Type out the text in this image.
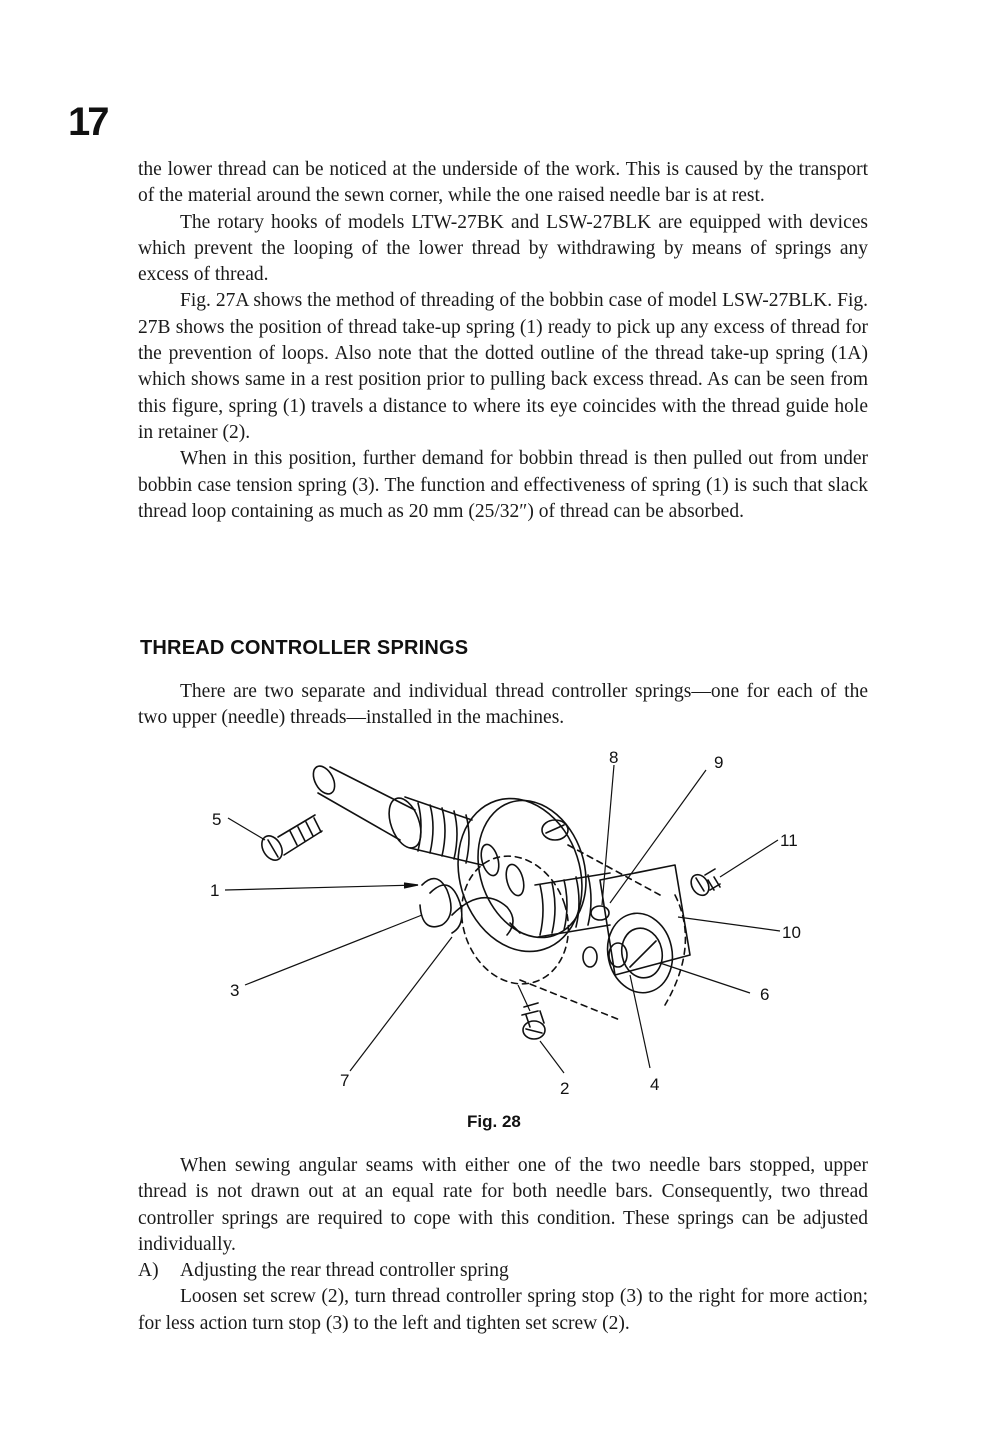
17

the lower thread can be noticed at the underside of the work. This is caused by the transport of the material around the sewn corner, while the one raised needle bar is at rest.

The rotary hooks of models LTW-27BK and LSW-27BLK are equipped with devices which prevent the looping of the lower thread by withdrawing by means of springs any excess of thread.

Fig. 27A shows the method of threading of the bobbin case of model LSW-27BLK. Fig. 27B shows the position of thread take-up spring (1) ready to pick up any excess of thread for the prevention of loops. Also note that the dotted outline of the thread take-up spring (1A) which shows same in a rest position prior to pulling back excess thread. As can be seen from this figure, spring (1) travels a distance to where its eye coincides with the thread guide hole in retainer (2).

When in this position, further demand for bobbin thread is then pulled out from under bobbin case tension spring (3). The function and effectiveness of spring (1) is such that slack thread loop containing as much as 20 mm (25/32″) of thread can be absorbed.

THREAD CONTROLLER SPRINGS

There are two separate and individual thread controller springs—one for each of the two upper (needle) threads—installed in the machines.

1
2
3
4
5
6
7
8	9
10
11
Fig. 28

When sewing angular seams with either one of the two needle bars stopped, upper thread is not drawn out at an equal rate for both needle bars. Consequently, two thread controller springs are required to cope with this condition. These springs can be adjusted individually.

A)	Adjusting the rear thread controller spring

Loosen set screw (2), turn thread controller spring stop (3) to the right for more action; for less action turn stop (3) to the left and tighten set screw (2).
